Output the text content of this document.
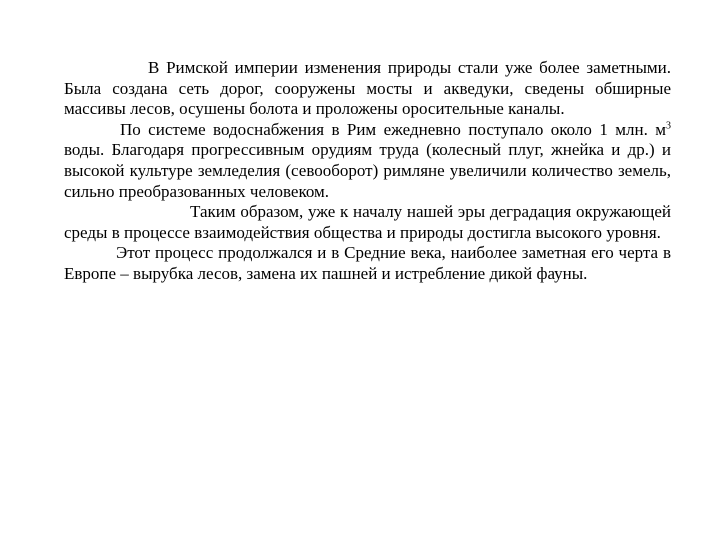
В Римской империи изменения природы стали уже более заметными. Была создана сеть дорог, сооружены мосты и акведуки, сведены обширные массивы лесов, осушены болота и проложены оросительные каналы.

По системе водоснабжения в Рим ежедневно поступало около 1 млн. $м^3$ воды. Благодаря прогрессивным орудиям труда (колесный плуг, жнейка и др.) и высокой культуре земледелия (севооборот) римляне увеличили количество земель, сильно преобразованных человеком.

Таким образом, уже к началу нашей эры деградация окружающей среды в процессе взаимодействия общества и природы достигла высокого уровня.

Этот процесс продолжался и в Средние века, наиболее заметная его черта в Европе – вырубка лесов, замена их пашней и истребление дикой фауны.
